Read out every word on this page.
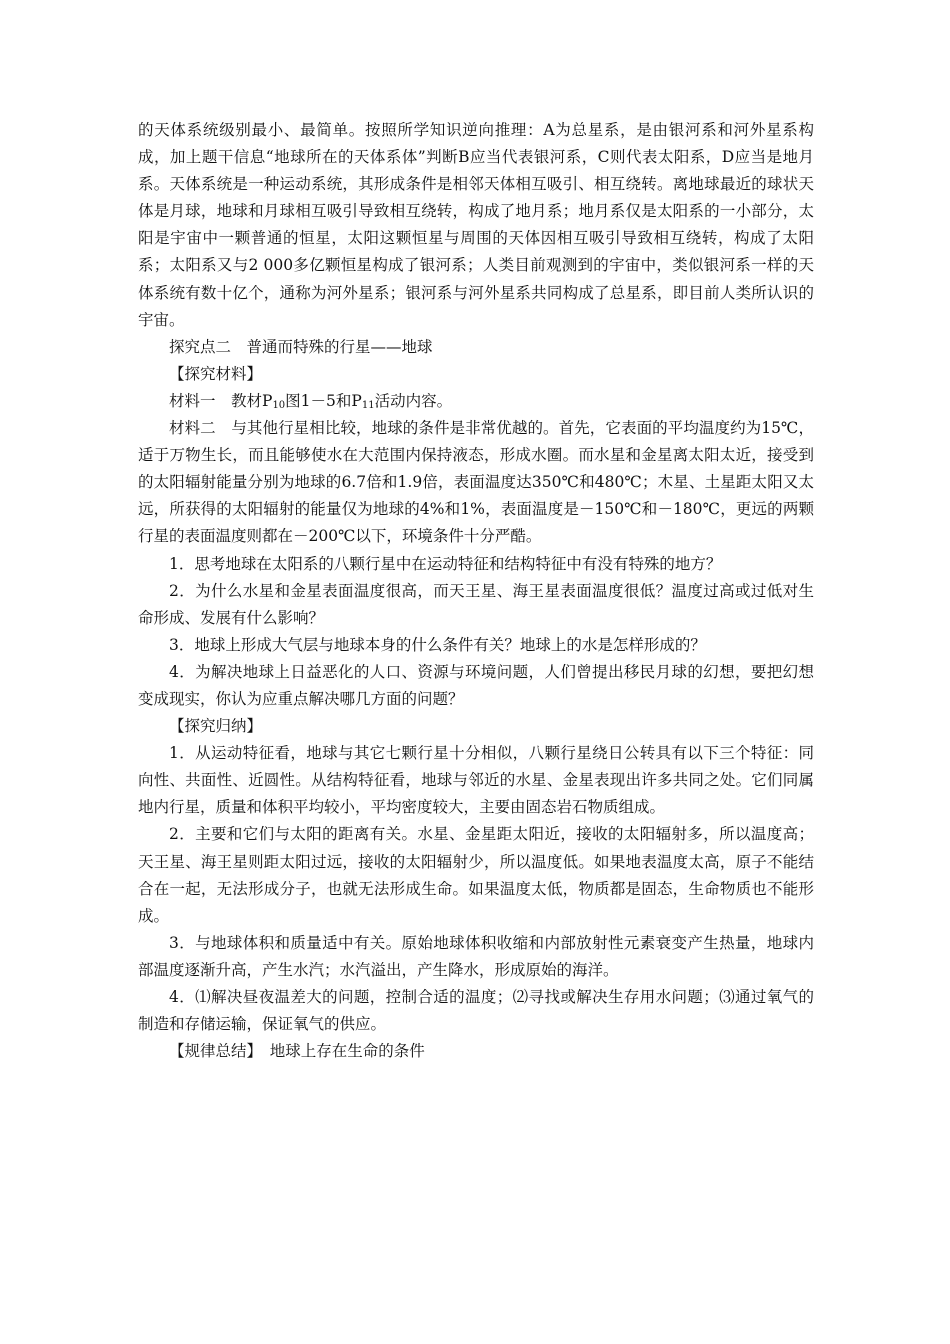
的天体系统级别最小、最简单。按照所学知识逆向推理：A为总星系，是由银河系和河外星系构成，加上题干信息“地球所在的天体系体”判断B应当代表银河系，C则代表太阳系，D应当是地月系。天体系统是一种运动系统，其形成条件是相邻天体相互吸引、相互绕转。离地球最近的球状天体是月球，地球和月球相互吸引导致相互绕转，构成了地月系；地月系仅是太阳系的一小部分，太阳是宇宙中一颗普通的恒星，太阳这颗恒星与周围的天体因相互吸引导致相互绕转，构成了太阳系；太阳系又与2 000多亿颗恒星构成了银河系；人类目前观测到的宇宙中，类似银河系一样的天体系统有数十亿个，通称为河外星系；银河系与河外星系共同构成了总星系，即目前人类所认识的宇宙。

探究点二　普通而特殊的行星——地球

【探究材料】

材料一　教材$P_{10}$图1－5和$P_{11}$活动内容。

材料二　与其他行星相比较，地球的条件是非常优越的。首先，它表面的平均温度约为15℃，适于万物生长，而且能够使水在大范围内保持液态，形成水圈。而水星和金星离太阳太近，接受到的太阳辐射能量分别为地球的6.7倍和1.9倍，表面温度达350℃和480℃；木星、土星距太阳又太远，所获得的太阳辐射的能量仅为地球的4%和1%，表面温度是－150℃和－180℃，更远的两颗行星的表面温度则都在－200℃以下，环境条件十分严酷。

1．思考地球在太阳系的八颗行星中在运动特征和结构特征中有没有特殊的地方？

2．为什么水星和金星表面温度很高，而天王星、海王星表面温度很低？温度过高或过低对生命形成、发展有什么影响？

3．地球上形成大气层与地球本身的什么条件有关？地球上的水是怎样形成的？

4．为解决地球上日益恶化的人口、资源与环境问题，人们曾提出移民月球的幻想，要把幻想变成现实，你认为应重点解决哪几方面的问题？

【探究归纳】

1．从运动特征看，地球与其它七颗行星十分相似，八颗行星绕日公转具有以下三个特征：同向性、共面性、近圆性。从结构特征看，地球与邻近的水星、金星表现出许多共同之处。它们同属地内行星，质量和体积平均较小，平均密度较大，主要由固态岩石物质组成。

2．主要和它们与太阳的距离有关。水星、金星距太阳近，接收的太阳辐射多，所以温度高；天王星、海王星则距太阳过远，接收的太阳辐射少，所以温度低。如果地表温度太高，原子不能结合在一起，无法形成分子，也就无法形成生命。如果温度太低，物质都是固态，生命物质也不能形成。

3．与地球体积和质量适中有关。原始地球体积收缩和内部放射性元素衰变产生热量，地球内部温度逐渐升高，产生水汽；水汽溢出，产生降水，形成原始的海洋。

4．⑴解决昼夜温差大的问题，控制合适的温度；⑵寻找或解决生存用水问题；⑶通过氧气的制造和存储运输，保证氧气的供应。

【规律总结】　地球上存在生命的条件
